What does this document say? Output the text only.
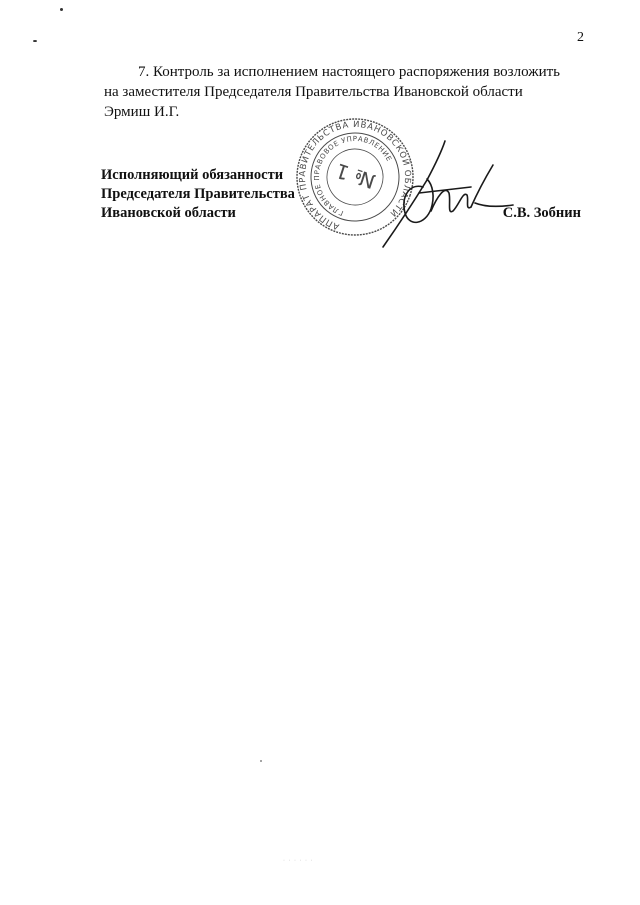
2
7. Контроль за исполнением настоящего распоряжения возложить
на заместителя Председателя Правительства Ивановской области
Эрмиш И.Г.
АППАРАТ ПРАВИТЕЛЬСТВА ИВАНОВСКОЙ ОБЛАСТИ
ГЛАВНОЕ ПРАВОВОЕ УПРАВЛЕНИЕ
№ 1
Исполняющий обязанности
Председателя Правительства
Ивановской области	С.В. Зобнин
· · · · · ·
